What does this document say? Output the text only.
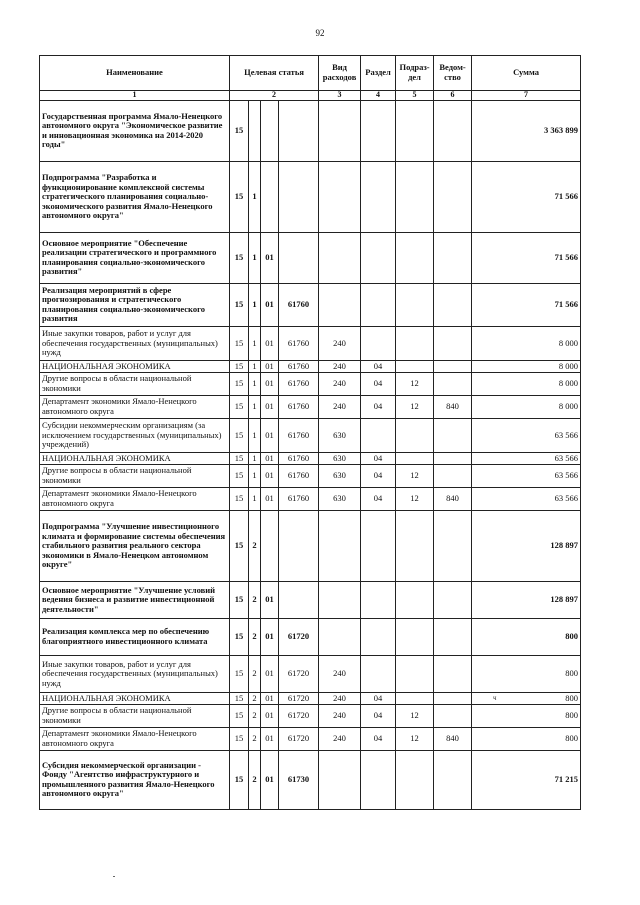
92
Наименование	Целевая статья				Вид расходов	Раздел	Подраз-дел	Ведом-ство	Сумма
1	2				3	4	5	6	7
Государственная программа Ямало-Ненецкого автономного округа "Экономическое развитие и инновационная экономика на 2014-2020 годы"	15								3 363 899
Подпрограмма "Разработка и функционирование комплексной системы стратегического планирования социально-экономического развития Ямало-Ненецкого автономного округа"	15	1							71 566
Основное мероприятие "Обеспечение реализации стратегического и программного планирования социально-экономического развития"	15	1	01						71 566
Реализация мероприятий в сфере прогнозирования и стратегического планирования социально-экономического развития	15	1	01	61760					71 566
Иные закупки товаров, работ и услуг для обеспечения государственных (муниципальных) нужд	15	1	01	61760	240				8 000
НАЦИОНАЛЬНАЯ ЭКОНОМИКА	15	1	01	61760	240	04			8 000
Другие вопросы в области национальной экономики	15	1	01	61760	240	04	12		8 000
Департамент экономики Ямало-Ненецкого автономного округа	15	1	01	61760	240	04	12	840	8 000
Субсидии некоммерческим организациям (за исключением государственных (муниципальных) учреждений)	15	1	01	61760	630				63 566
НАЦИОНАЛЬНАЯ ЭКОНОМИКА	15	1	01	61760	630	04			63 566
Другие вопросы в области национальной экономики	15	1	01	61760	630	04	12		63 566
Департамент экономики Ямало-Ненецкого автономного округа	15	1	01	61760	630	04	12	840	63 566
Подпрограмма "Улучшение инвестиционного климата и формирование системы обеспечения стабильного развития реального сектора экономики в Ямало-Ненецком автономном округе"	15	2							128 897
Основное мероприятие "Улучшение условий ведения бизнеса и развитие инвестиционной деятельности"	15	2	01						128 897
Реализация комплекса мер по обеспечению благоприятного инвестиционного климата	15	2	01	61720					800
Иные закупки товаров, работ и услуг для обеспечения государственных (муниципальных) нужд	15	2	01	61720	240				800
НАЦИОНАЛЬНАЯ ЭКОНОМИКА	15	2	01	61720	240	04			800
Другие вопросы в области национальной экономики	15	2	01	61720	240	04	12		800
Департамент экономики Ямало-Ненецкого автономного округа	15	2	01	61720	240	04	12	840	800
Субсидия некоммерческой организации - Фонду "Агентство инфраструктурного и промышленного развития Ямало-Ненецкого автономного округа"	15	2	01	61730					71 215
ч
